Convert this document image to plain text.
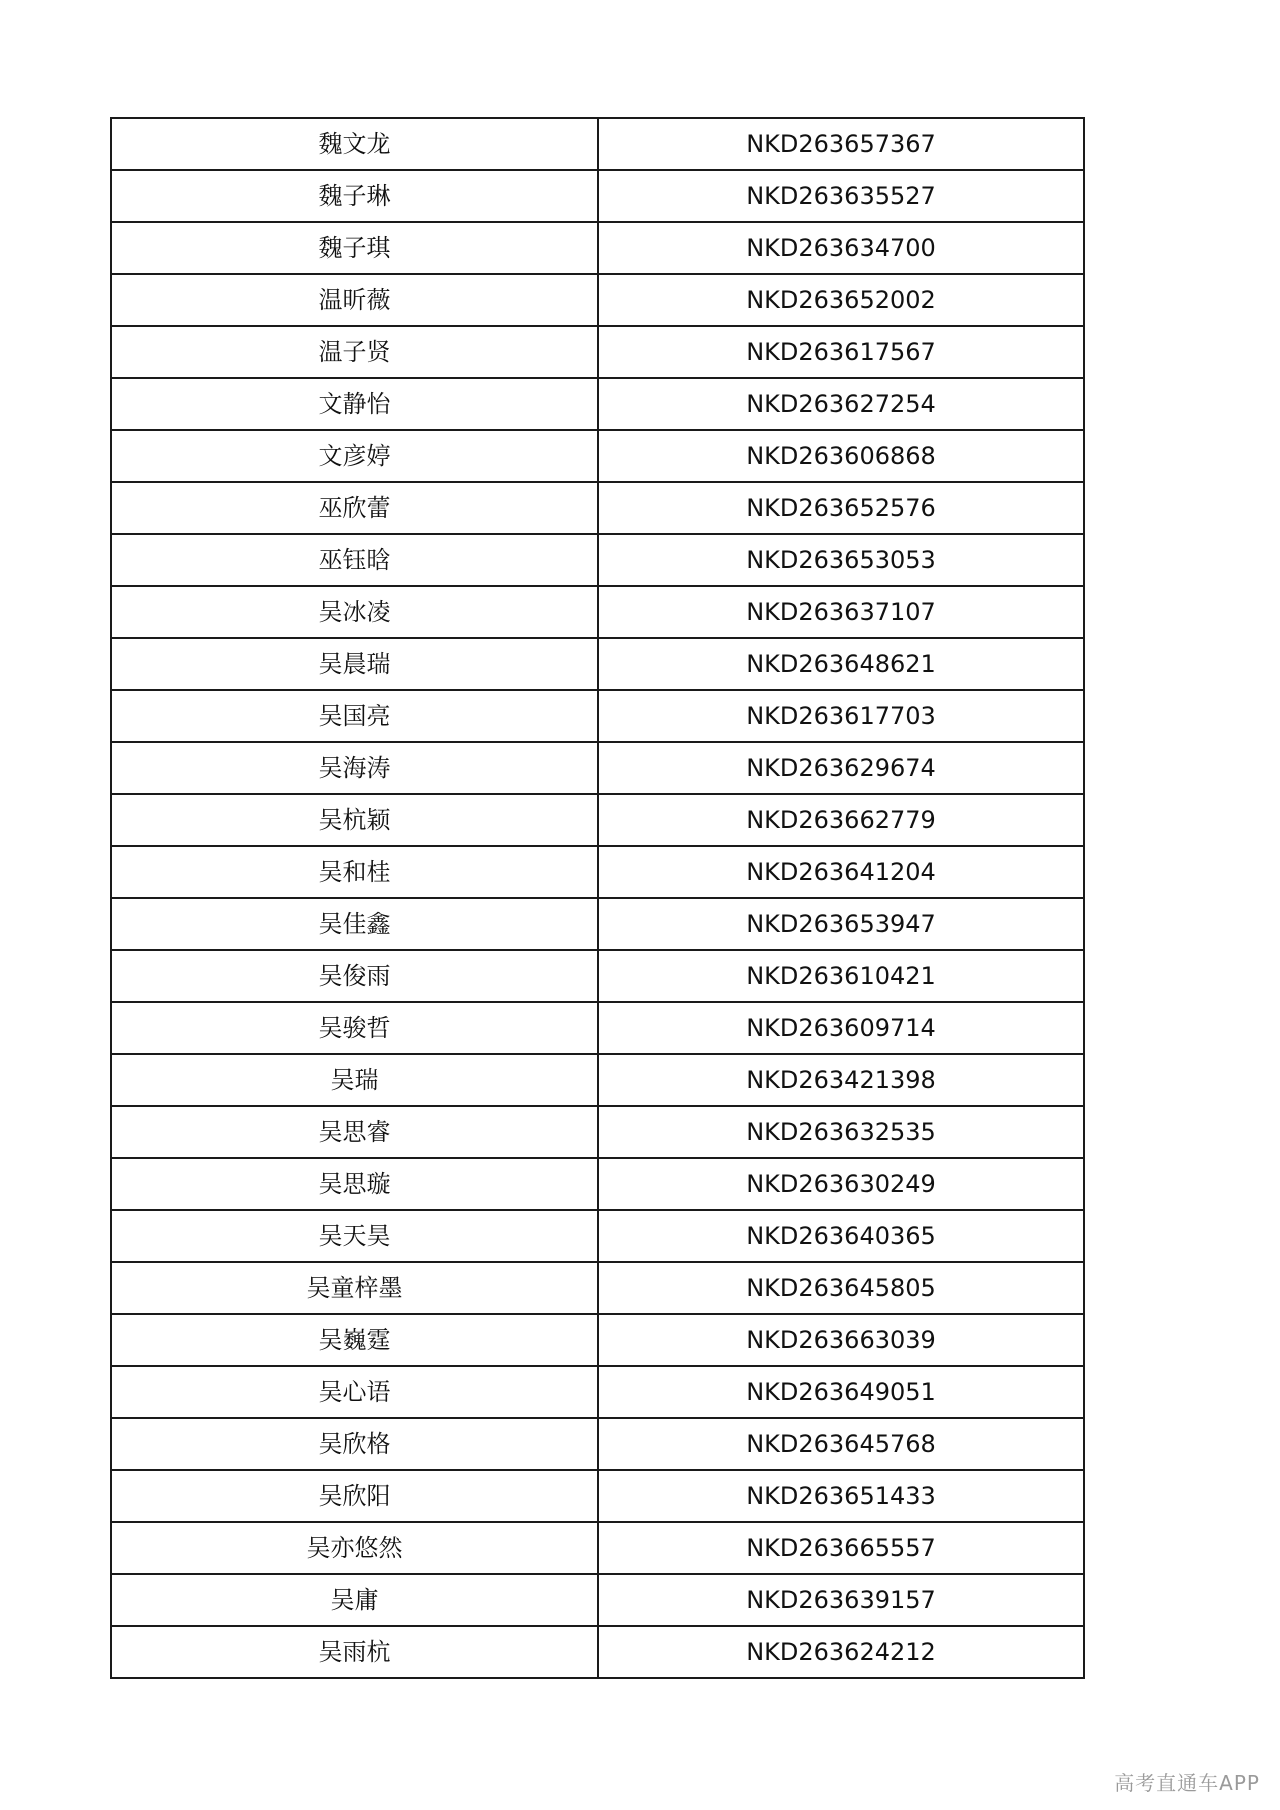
魏文龙	NKD263657367
魏子琳	NKD263635527
魏子琪	NKD263634700
温昕薇	NKD263652002
温子贤	NKD263617567
文静怡	NKD263627254
文彦婷	NKD263606868
巫欣蕾	NKD263652576
巫钰晗	NKD263653053
吴冰凌	NKD263637107
吴晨瑞	NKD263648621
吴国亮	NKD263617703
吴海涛	NKD263629674
吴杭颖	NKD263662779
吴和桂	NKD263641204
吴佳鑫	NKD263653947
吴俊雨	NKD263610421
吴骏哲	NKD263609714
吴瑞	NKD263421398
吴思睿	NKD263632535
吴思璇	NKD263630249
吴天昊	NKD263640365
吴童梓墨	NKD263645805
吴巍霆	NKD263663039
吴心语	NKD263649051
吴欣格	NKD263645768
吴欣阳	NKD263651433
吴亦悠然	NKD263665557
吴庸	NKD263639157
吴雨杭	NKD263624212
高考直通车APP
